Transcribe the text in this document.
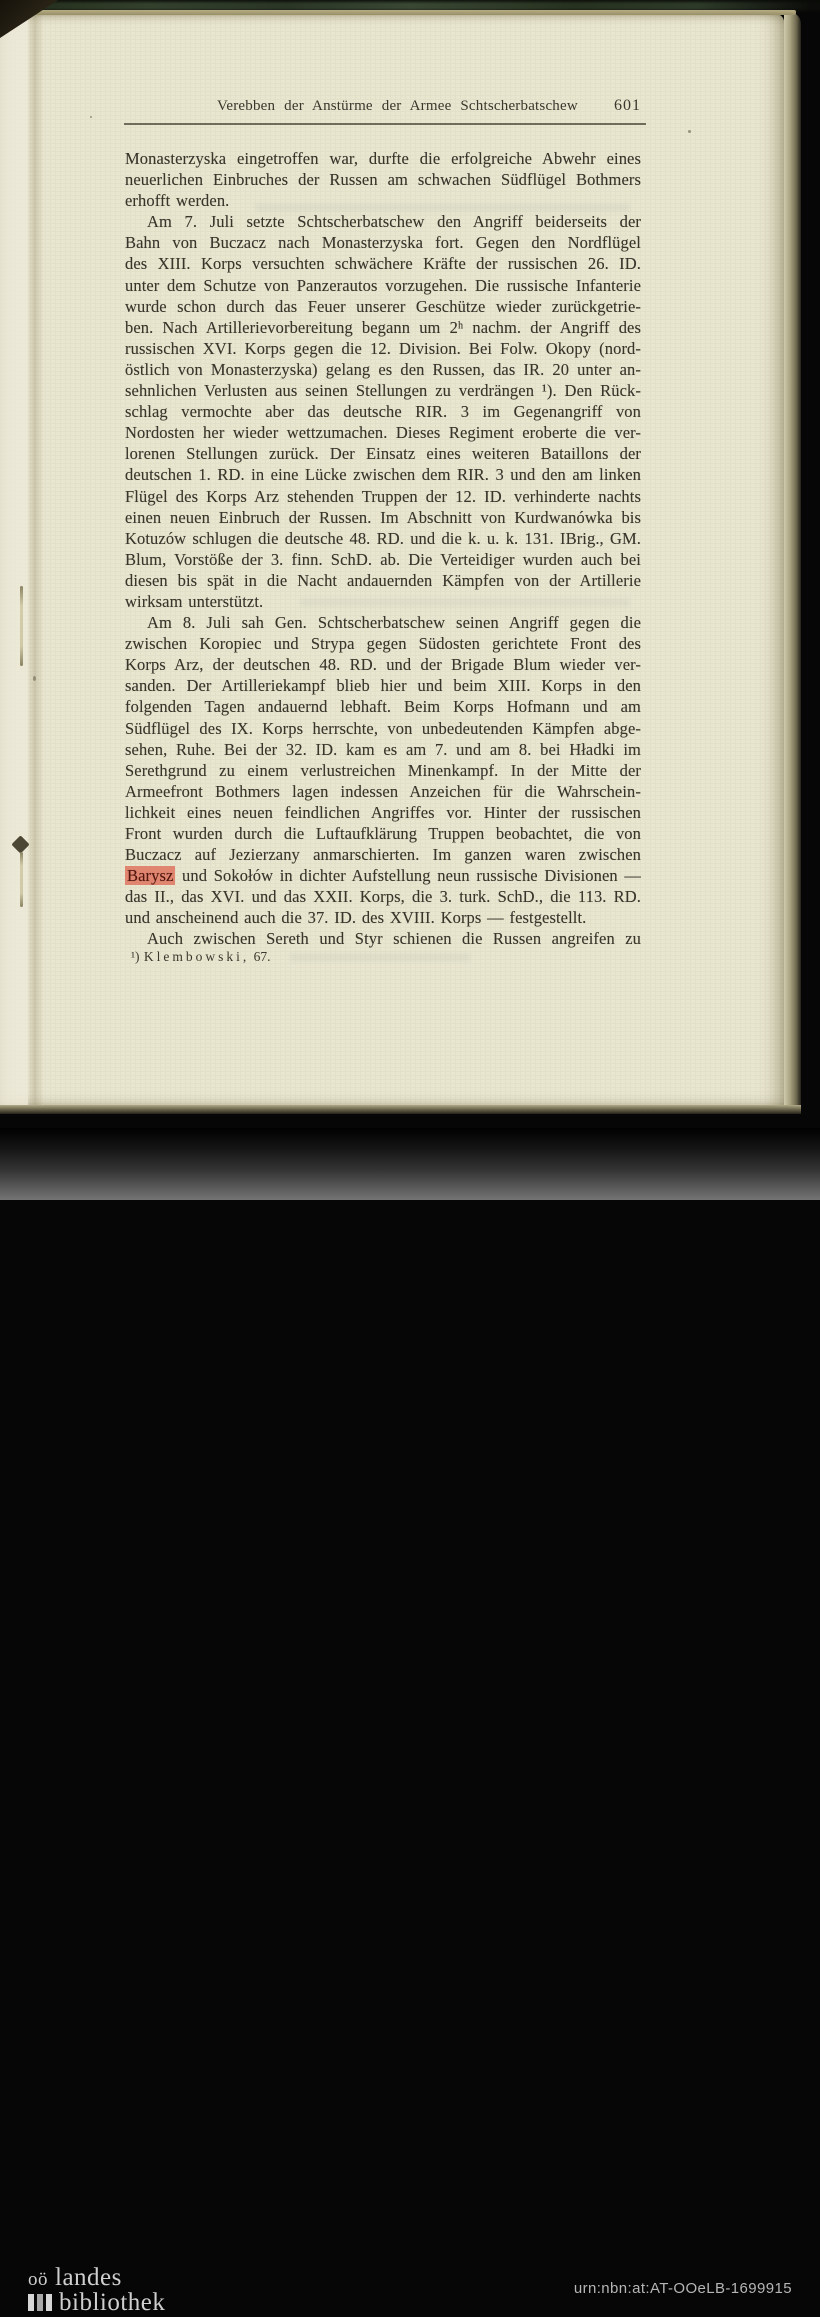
Verebben der Anstürme der Armee Schtscherbatschew 601
Monasterzyska eingetroffen war, durfte die erfolgreiche Abwehr eines
neuerlichen Einbruches der Russen am schwachen Südflügel Bothmers
erhofft werden.
Am 7. Juli setzte Schtscherbatschew den Angriff beiderseits der
Bahn von Buczacz nach Monasterzyska fort. Gegen den Nordflügel
des XIII. Korps versuchten schwächere Kräfte der russischen 26. ID.
unter dem Schutze von Panzerautos vorzugehen. Die russische Infanterie
wurde schon durch das Feuer unserer Geschütze wieder zurückgetrie-
ben. Nach Artillerievorbereitung begann um 2ʰ nachm. der Angriff des
russischen XVI. Korps gegen die 12. Division. Bei Folw. Okopy (nord-
östlich von Monasterzyska) gelang es den Russen, das IR. 20 unter an-
sehnlichen Verlusten aus seinen Stellungen zu verdrängen ¹). Den Rück-
schlag vermochte aber das deutsche RIR. 3 im Gegenangriff von
Nordosten her wieder wettzumachen. Dieses Regiment eroberte die ver-
lorenen Stellungen zurück. Der Einsatz eines weiteren Bataillons der
deutschen 1. RD. in eine Lücke zwischen dem RIR. 3 und den am linken
Flügel des Korps Arz stehenden Truppen der 12. ID. verhinderte nachts
einen neuen Einbruch der Russen. Im Abschnitt von Kurdwanówka bis
Kotuzów schlugen die deutsche 48. RD. und die k. u. k. 131. IBrig., GM.
Blum, Vorstöße der 3. finn. SchD. ab. Die Verteidiger wurden auch bei
diesen bis spät in die Nacht andauernden Kämpfen von der Artillerie
wirksam unterstützt.
Am 8. Juli sah Gen. Schtscherbatschew seinen Angriff gegen die
zwischen Koropiec und Strypa gegen Südosten gerichtete Front des
Korps Arz, der deutschen 48. RD. und der Brigade Blum wieder ver-
sanden. Der Artilleriekampf blieb hier und beim XIII. Korps in den
folgenden Tagen andauernd lebhaft. Beim Korps Hofmann und am
Südflügel des IX. Korps herrschte, von unbedeutenden Kämpfen abge-
sehen, Ruhe. Bei der 32. ID. kam es am 7. und am 8. bei Hładki im
Serethgrund zu einem verlustreichen Minenkampf. In der Mitte der
Armeefront Bothmers lagen indessen Anzeichen für die Wahrschein-
lichkeit eines neuen feindlichen Angriffes vor. Hinter der russischen
Front wurden durch die Luftaufklärung Truppen beobachtet, die von
Buczacz auf Jezierzany anmarschierten. Im ganzen waren zwischen
Barysz und Sokołów in dichter Aufstellung neun russische Divisionen —
das II., das XVI. und das XXII. Korps, die 3. turk. SchD., die 113. RD.
und anscheinend auch die 37. ID. des XVIII. Korps — festgestellt.
Auch zwischen Sereth und Styr schienen die Russen angreifen zu
¹) Klembowski, 67.
oö landes
bibliothek
urn:nbn:at:AT-OOeLB-1699915
